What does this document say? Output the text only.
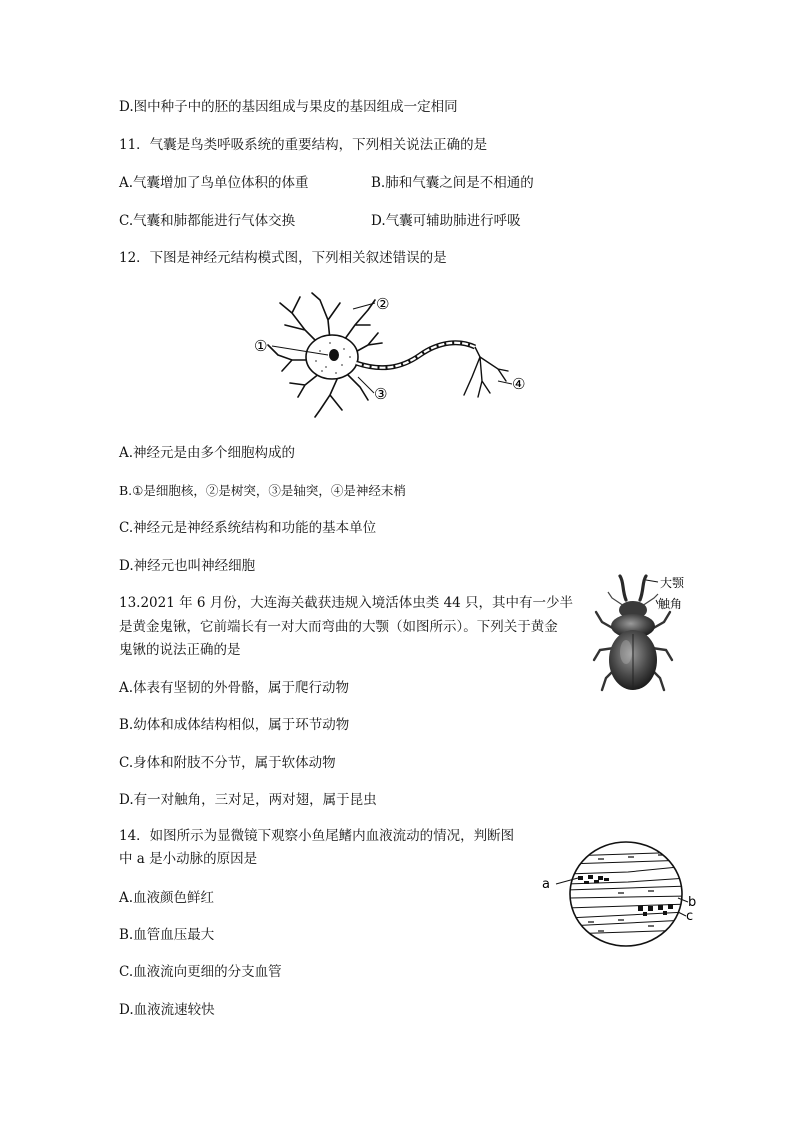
D.图中种子中的胚的基因组成与果皮的基因组成一定相同
11．气囊是鸟类呼吸系统的重要结构，下列相关说法正确的是
A.气囊增加了鸟单位体积的体重	B.肺和气囊之间是不相通的
C.气囊和肺都能进行气体交换	D.气囊可辅助肺进行呼吸
12．下图是神经元结构模式图，下列相关叙述错误的是
①
②
③
④
A.神经元是由多个细胞构成的
B.①是细胞核，②是树突，③是轴突，④是神经末梢
C.神经元是神经系统结构和功能的基本单位
D.神经元也叫神经细胞
13.2021 年 6 月份，大连海关截获违规入境活体虫类 44 只，其中有一少半
是黄金鬼锹，它前端长有一对大而弯曲的大颚（如图所示）。下列关于黄金
鬼锹的说法正确的是
大颚
触角
A.体表有坚韧的外骨骼，属于爬行动物
B.幼体和成体结构相似，属于环节动物
C.身体和附肢不分节，属于软体动物
D.有一对触角，三对足，两对翅，属于昆虫
14．如图所示为显微镜下观察小鱼尾鳍内血液流动的情况，判断图
中 a 是小动脉的原因是
a
b
c
A.血液颜色鲜红
B.血管血压最大
C.血液流向更细的分支血管
D.血液流速较快
